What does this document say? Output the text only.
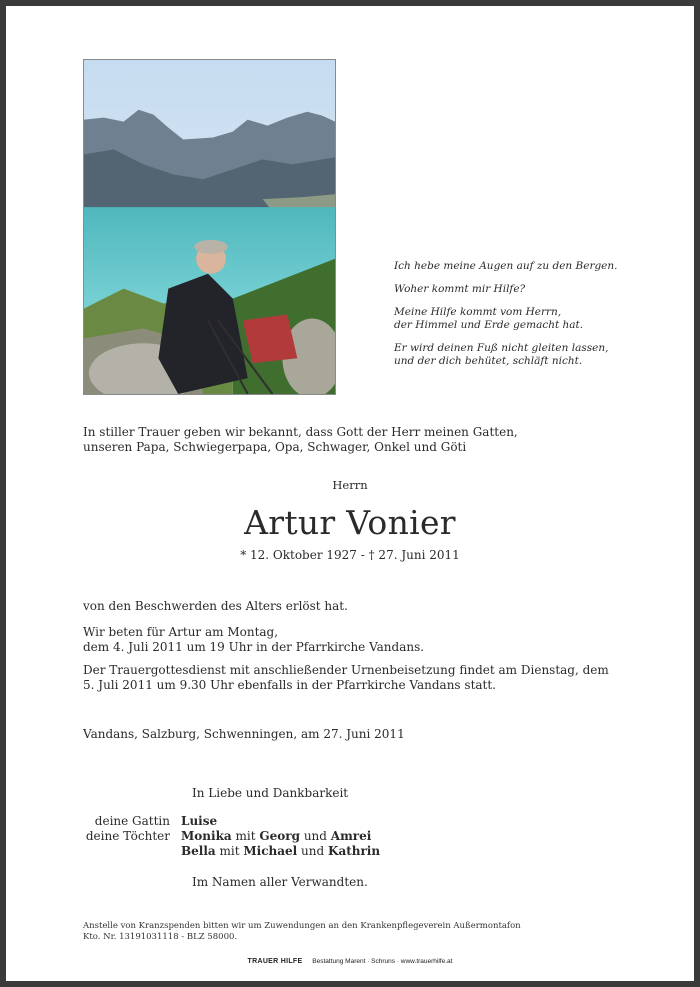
Ich hebe meine Augen auf zu den Bergen.

Woher kommt mir Hilfe?

Meine Hilfe kommt vom Herrn,
der Himmel und Erde gemacht hat.

Er wird deinen Fuß nicht gleiten lassen,
und der dich behütet, schläft nicht.

In stiller Trauer geben wir bekannt, dass Gott der Herr meinen Gatten,
unseren Papa, Schwiegerpapa, Opa, Schwager, Onkel und Göti
Herrn
Artur Vonier
* 12. Oktober 1927 - † 27. Juni 2011
von den Beschwerden des Alters erlöst hat.
Wir beten für Artur am Montag,
dem 4. Juli 2011 um 19 Uhr in der Pfarrkirche Vandans.
Der Trauergottesdienst mit anschließender Urnenbeisetzung findet am Dienstag, dem
5. Juli 2011 um 9.30 Uhr ebenfalls in der Pfarrkirche Vandans statt.
Vandans, Salzburg, Schwenningen, am 27. Juni 2011
In Liebe und Dankbarkeit
deine Gattin Luise
deine Töchter Monika mit Georg und Amrei
Bella mit Michael und Kathrin
Im Namen aller Verwandten.
Anstelle von Kranzspenden bitten wir um Zuwendungen an den Krankenpflegeverein Außermontafon
Kto. Nr. 13191031118 - BLZ 58000.
TRAUER HILFE Bestattung Marent · Schruns · www.trauerhilfe.at
